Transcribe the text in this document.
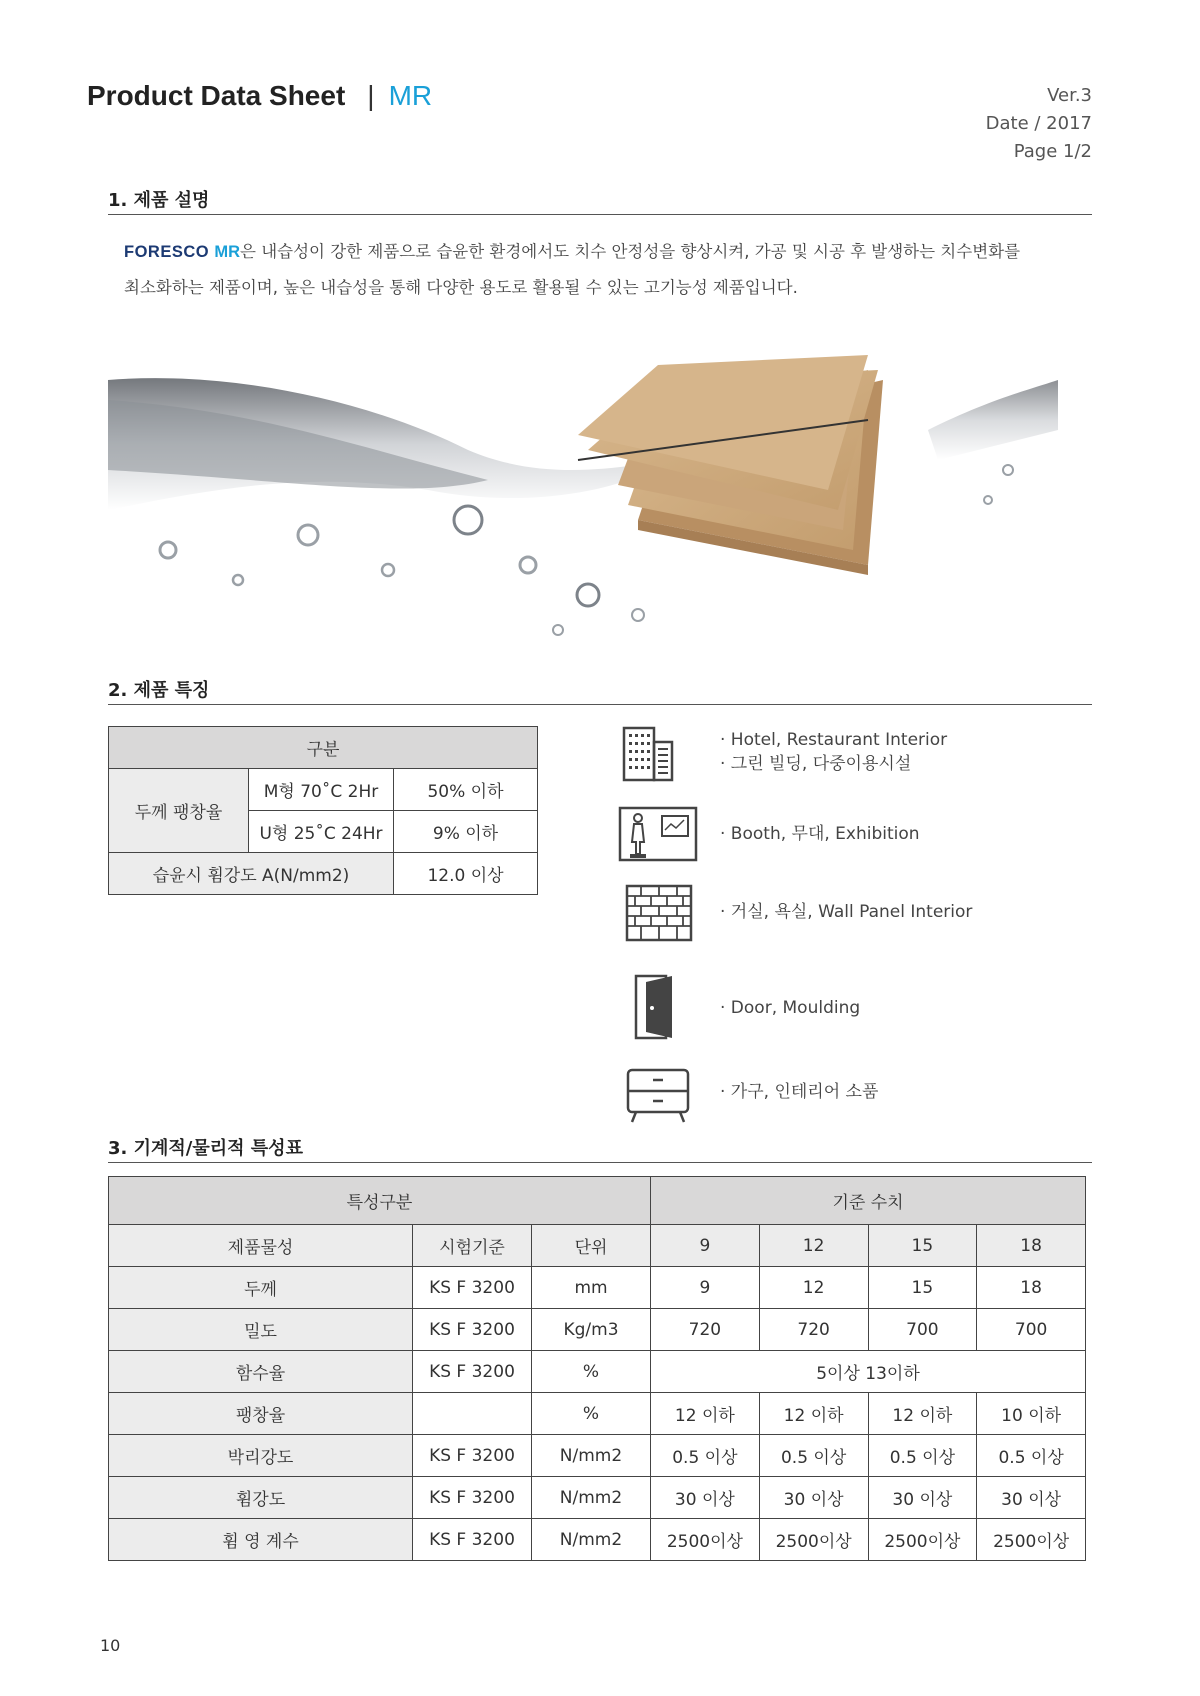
Product Data Sheet | MR	Ver.3
Date / 2017
Page 1/2
1. 제품 설명
FORESCO MR은 내습성이 강한 제품으로 습윤한 환경에서도 치수 안정성을 향상시켜, 가공 및 시공 후 발생하는 치수변화를
최소화하는 제품이며, 높은 내습성을 통해 다양한 용도로 활용될 수 있는 고기능성 제품입니다.
2. 제품 특징
구분		
두께 팽창율	M형 70˚C 2Hr	50% 이하
	U형 25˚C 24Hr	9% 이하
습윤시 휨강도 A(N/mm2)		12.0 이상
· Hotel, Restaurant Interior
· 그린 빌딩, 다중이용시설
· Booth, 무대, Exhibition
· 거실, 욕실, Wall Panel Interior
· Door, Moulding
· 가구, 인테리어 소품
3. 기계적/물리적 특성표
특성구분			기준 수치			
제품물성	시험기준	단위	9	12	15	18
두께	KS F 3200	mm	9	12	15	18
밀도	KS F 3200	Kg/m3	720	720	700	700
함수율	KS F 3200	%	5이상 13이하			
팽창율		%	12 이하	12 이하	12 이하	10 이하
박리강도	KS F 3200	N/mm2	0.5 이상	0.5 이상	0.5 이상	0.5 이상
휨강도	KS F 3200	N/mm2	30 이상	30 이상	30 이상	30 이상
휨 영 계수	KS F 3200	N/mm2	2500이상	2500이상	2500이상	2500이상
10
